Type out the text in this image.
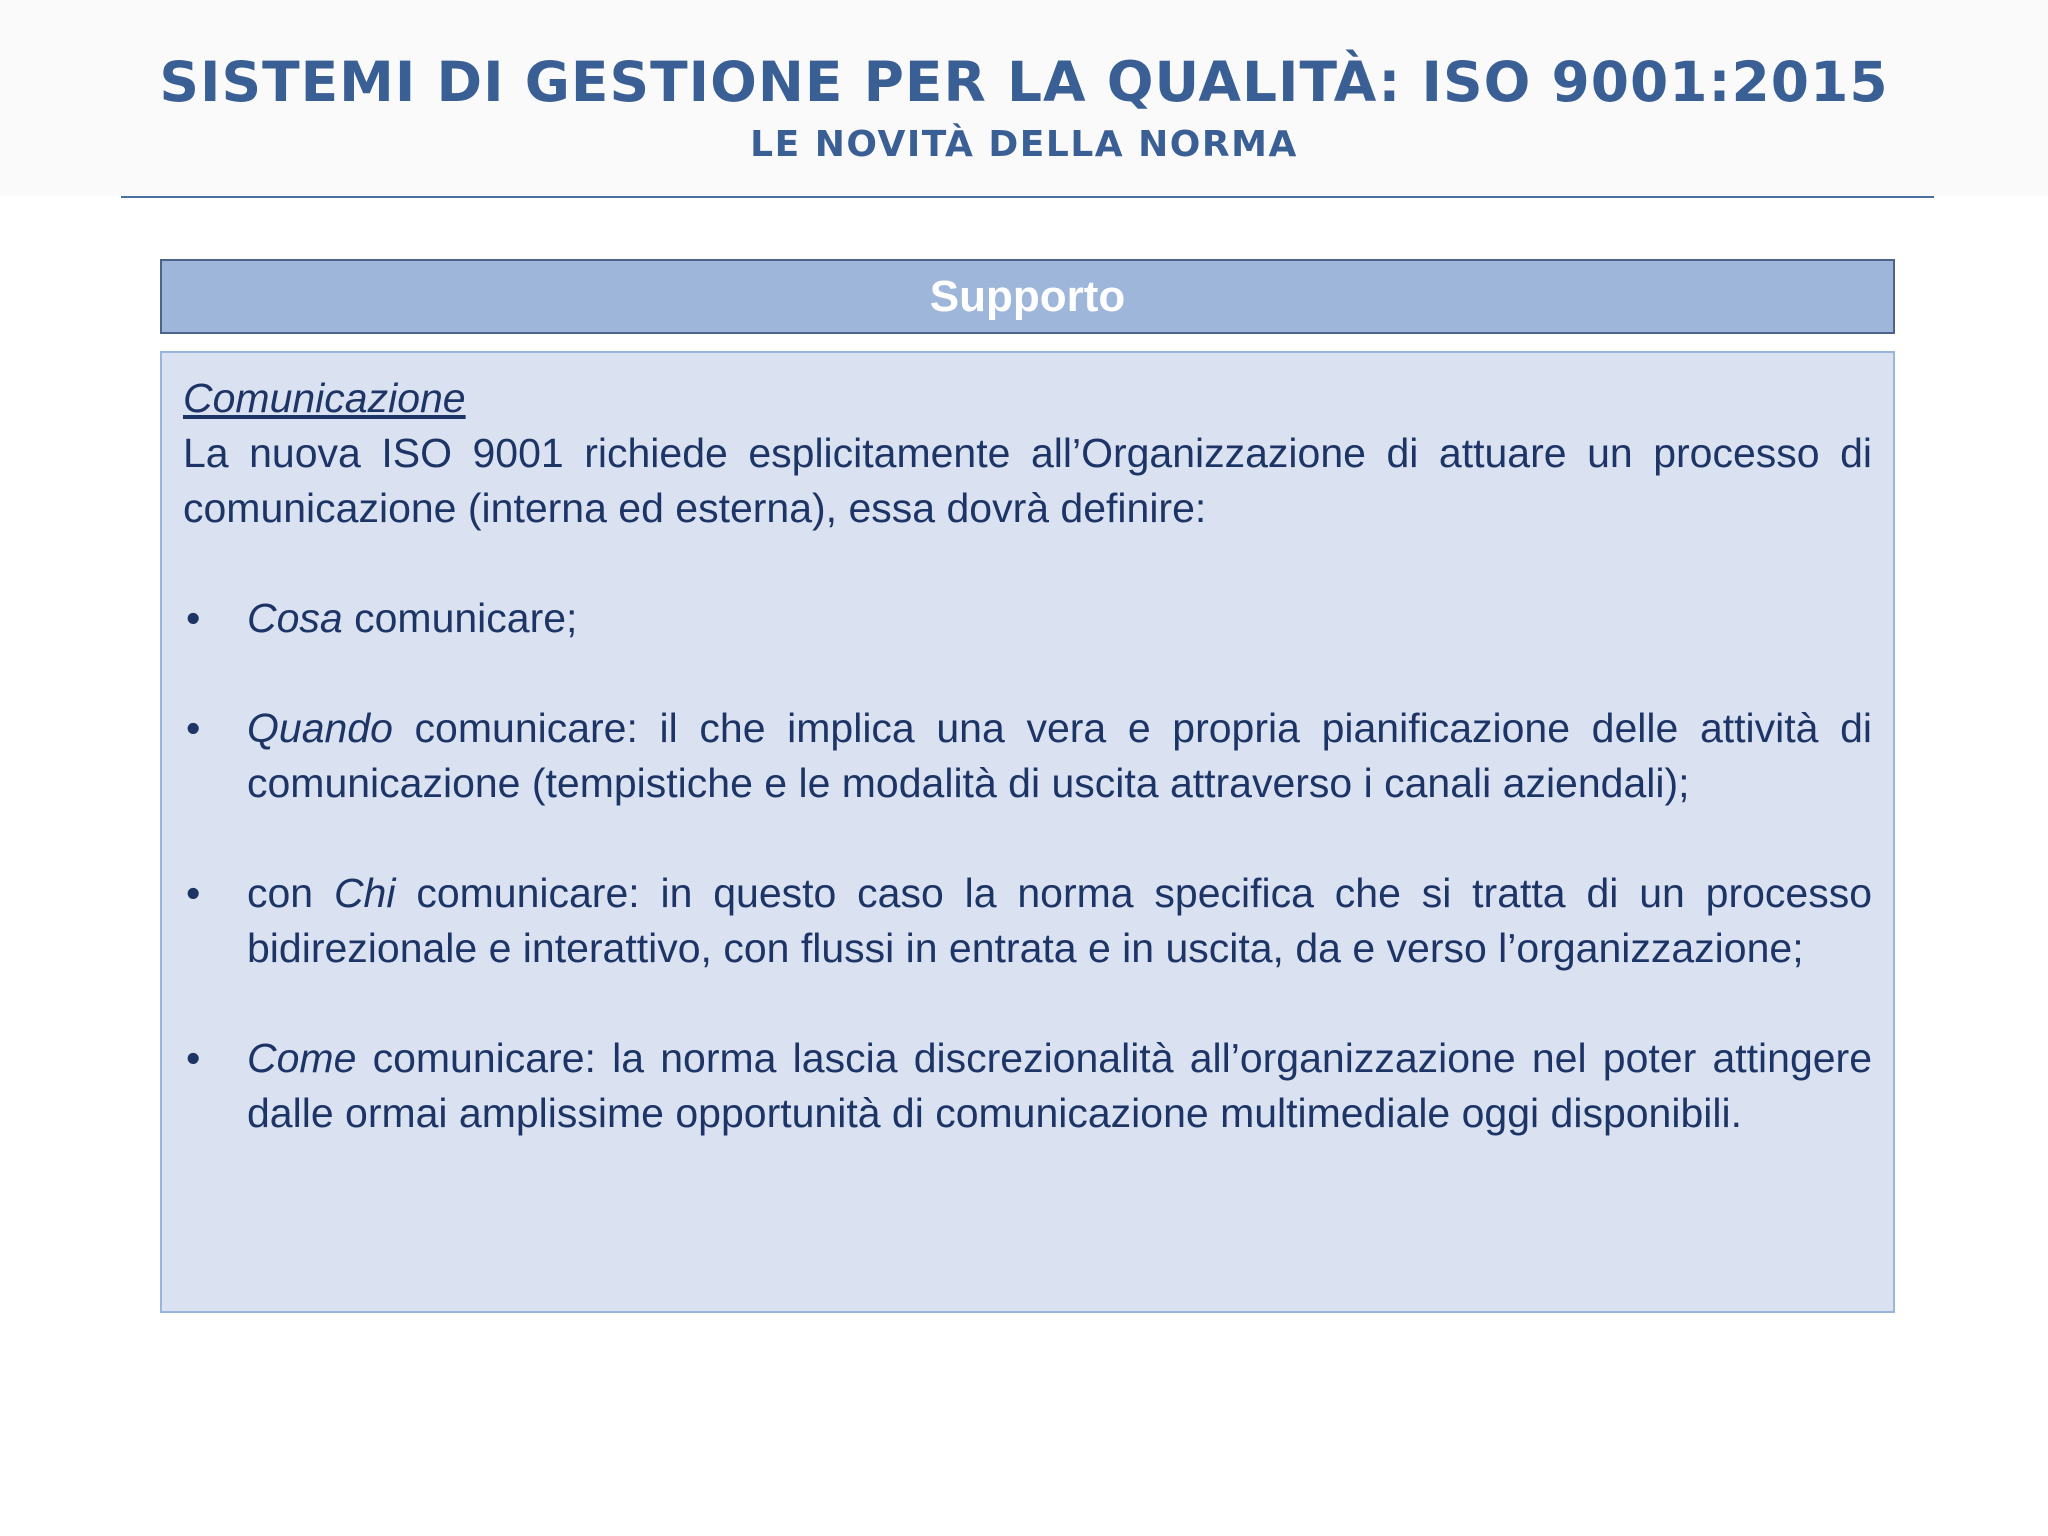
SISTEMI DI GESTIONE PER LA QUALITÀ: ISO 9001:2015
LE NOVITÀ DELLA NORMA
Supporto

Comunicazione

La nuova ISO 9001 richiede esplicitamente all’Organizzazione di attuare un processo di comunicazione (interna ed esterna), essa dovrà definire:

• Cosa comunicare;
• Quando comunicare: il che implica una vera e propria pianificazione delle attività di comunicazione (tempistiche e le modalità di uscita attraverso i canali aziendali);
• con Chi comunicare: in questo caso la norma specifica che si tratta di un processo bidirezionale e interattivo, con flussi in entrata e in uscita, da e verso l’organizzazione;
• Come comunicare: la norma lascia discrezionalità all’organizzazione nel poter attingere dalle ormai amplissime opportunità di comunicazione multimediale oggi disponibili.
